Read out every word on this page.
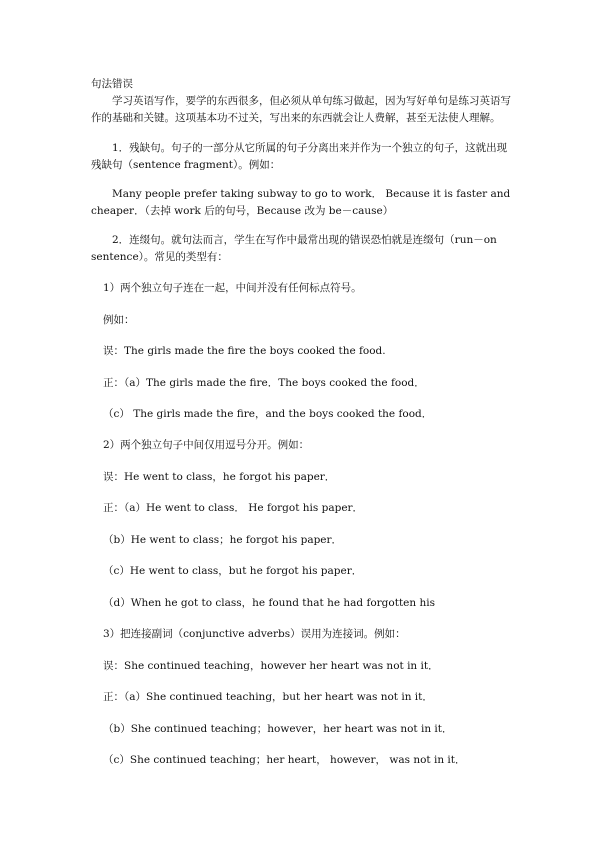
句法错误
学习英语写作，要学的东西很多，但必须从单句练习做起，因为写好单句是练习英语写作的基础和关键。这项基本功不过关，写出来的东西就会让人费解，甚至无法使人理解。
1．残缺句。句子的一部分从它所属的句子分离出来并作为一个独立的句子，这就出现残缺句（sentence fragment）。例如：
Many people prefer taking subway to go to work． Because it is faster and cheaper．（去掉 work 后的句号，Because 改为 be－cause）
2．连缀句。就句法而言，学生在写作中最常出现的错误恐怕就是连缀句（run－on sentence）。常见的类型有：
1）两个独立句子连在一起，中间并没有任何标点符号。
例如：
误：The girls made the fire the boys cooked the food.
正：（a）The girls made the fire．The boys cooked the food．
（c） The girls made the fire，and the boys cooked the food．
2）两个独立句子中间仅用逗号分开。例如：
误：He went to class，he forgot his paper．
正：（a）He went to class． He forgot his paper．
（b）He went to class；he forgot his paper．
（c）He went to class，but he forgot his paper．
（d）When he got to class，he found that he had forgotten his
3）把连接副词（conjunctive adverbs）误用为连接词。例如：
误：She continued teaching，however her heart was not in it．
正：（a）She continued teaching，but her heart was not in it．
（b）She continued teaching；however，her heart was not in it．
（c）She continued teaching；her heart， however， was not in it．
